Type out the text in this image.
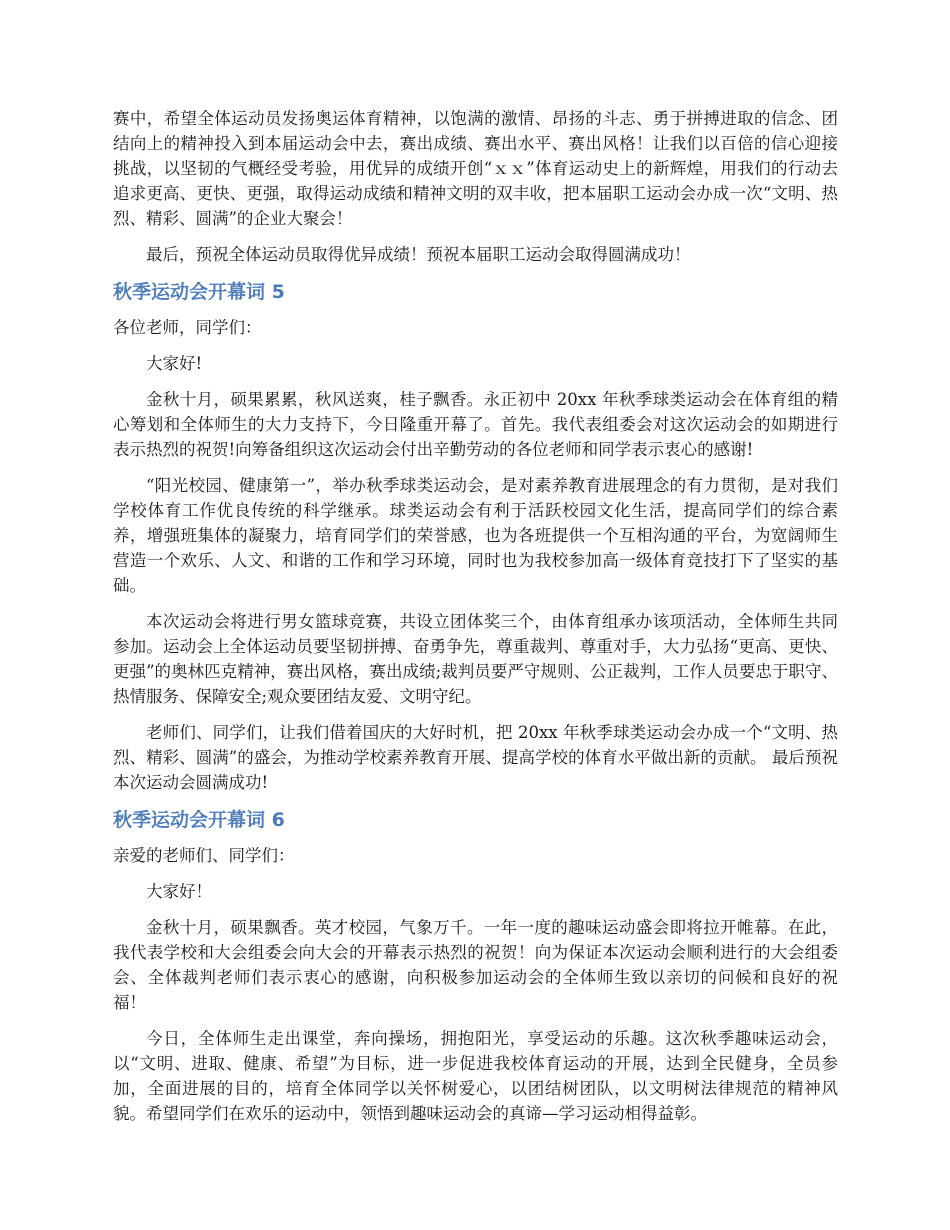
赛中，希望全体运动员发扬奥运体育精神，以饱满的激情、昂扬的斗志、勇于拼搏进取的信念、团结向上的精神投入到本届运动会中去，赛出成绩、赛出水平、赛出风格！让我们以百倍的信心迎接挑战，以坚韧的气概经受考验，用优异的成绩开创“ｘｘ”体育运动史上的新辉煌，用我们的行动去追求更高、更快、更强，取得运动成绩和精神文明的双丰收，把本届职工运动会办成一次“文明、热烈、精彩、圆满”的企业大聚会！

最后，预祝全体运动员取得优异成绩！预祝本届职工运动会取得圆满成功！

秋季运动会开幕词 5

各位老师，同学们：

大家好!

金秋十月，硕果累累，秋风送爽，桂子飘香。永正初中 20xx 年秋季球类运动会在体育组的精心筹划和全体师生的大力支持下，今日隆重开幕了。首先。我代表组委会对这次运动会的如期进行表示热烈的祝贺!向筹备组织这次运动会付出辛勤劳动的各位老师和同学表示衷心的感谢!

“阳光校园、健康第一”，举办秋季球类运动会，是对素养教育进展理念的有力贯彻，是对我们学校体育工作优良传统的科学继承。球类运动会有利于活跃校园文化生活，提高同学们的综合素养，增强班集体的凝聚力，培育同学们的荣誉感，也为各班提供一个互相沟通的平台，为宽阔师生营造一个欢乐、人文、和谐的工作和学习环境，同时也为我校参加高一级体育竞技打下了坚实的基础。

本次运动会将进行男女篮球竞赛，共设立团体奖三个，由体育组承办该项活动，全体师生共同参加。运动会上全体运动员要坚韧拼搏、奋勇争先，尊重裁判、尊重对手，大力弘扬“更高、更快、更强”的奥林匹克精神，赛出风格，赛出成绩;裁判员要严守规则、公正裁判，工作人员要忠于职守、热情服务、保障安全;观众要团结友爱、文明守纪。

老师们、同学们，让我们借着国庆的大好时机，把 20xx 年秋季球类运动会办成一个“文明、热烈、精彩、圆满”的盛会，为推动学校素养教育开展、提高学校的体育水平做出新的贡献。 最后预祝本次运动会圆满成功!

秋季运动会开幕词 6

亲爱的老师们、同学们：

大家好！

金秋十月，硕果飘香。英才校园，气象万千。一年一度的趣味运动盛会即将拉开帷幕。在此，我代表学校和大会组委会向大会的开幕表示热烈的祝贺！向为保证本次运动会顺利进行的大会组委会、全体裁判老师们表示衷心的感谢，向积极参加运动会的全体师生致以亲切的问候和良好的祝福！

今日，全体师生走出课堂，奔向操场，拥抱阳光，享受运动的乐趣。这次秋季趣味运动会，以“文明、进取、健康、希望”为目标，进一步促进我校体育运动的开展，达到全民健身，全员参加，全面进展的目的，培育全体同学以关怀树爱心，以团结树团队，以文明树法律规范的精神风貌。希望同学们在欢乐的运动中，领悟到趣味运动会的真谛—学习运动相得益彰。
